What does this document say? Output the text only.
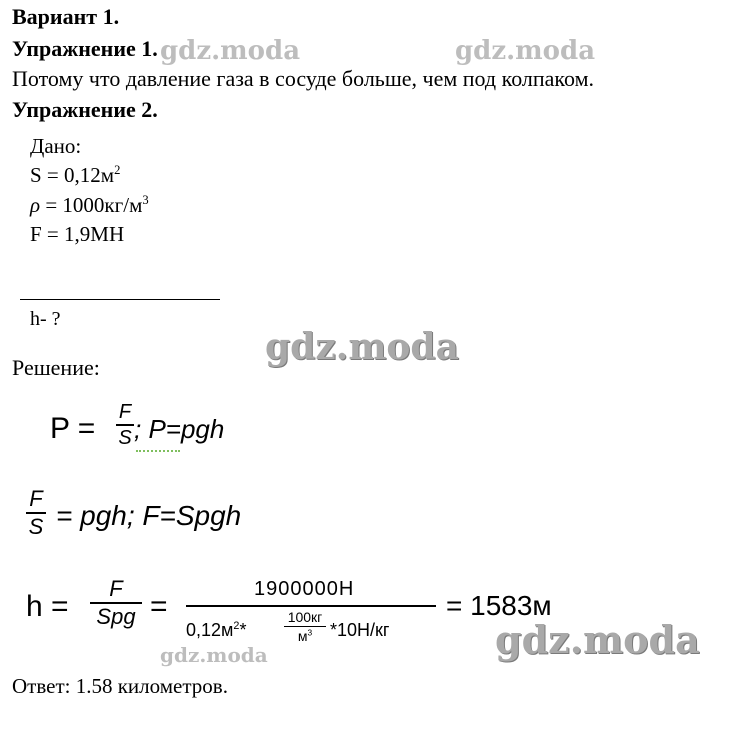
gdz.moda	gdz.moda
gdz.moda
gdz.moda	gdz.moda
Вариант 1.
Упражнение 1.
Потому что давление газа в сосуде больше, чем под колпаком.
Упражнение 2.
Дано:
$S = 0,12м^2$
$\rho = 1000кг/м^3$
F = 1,9МН
h- ?
Решение:
P = F
S ; P=pgh
F
S = pgh; F=Spgh
h =
F
Spg =
1900000Н
$0,12м^2*$
100кг
$м^3$ *10Н/кг
= 1583м
Ответ: 1.58 километров.
